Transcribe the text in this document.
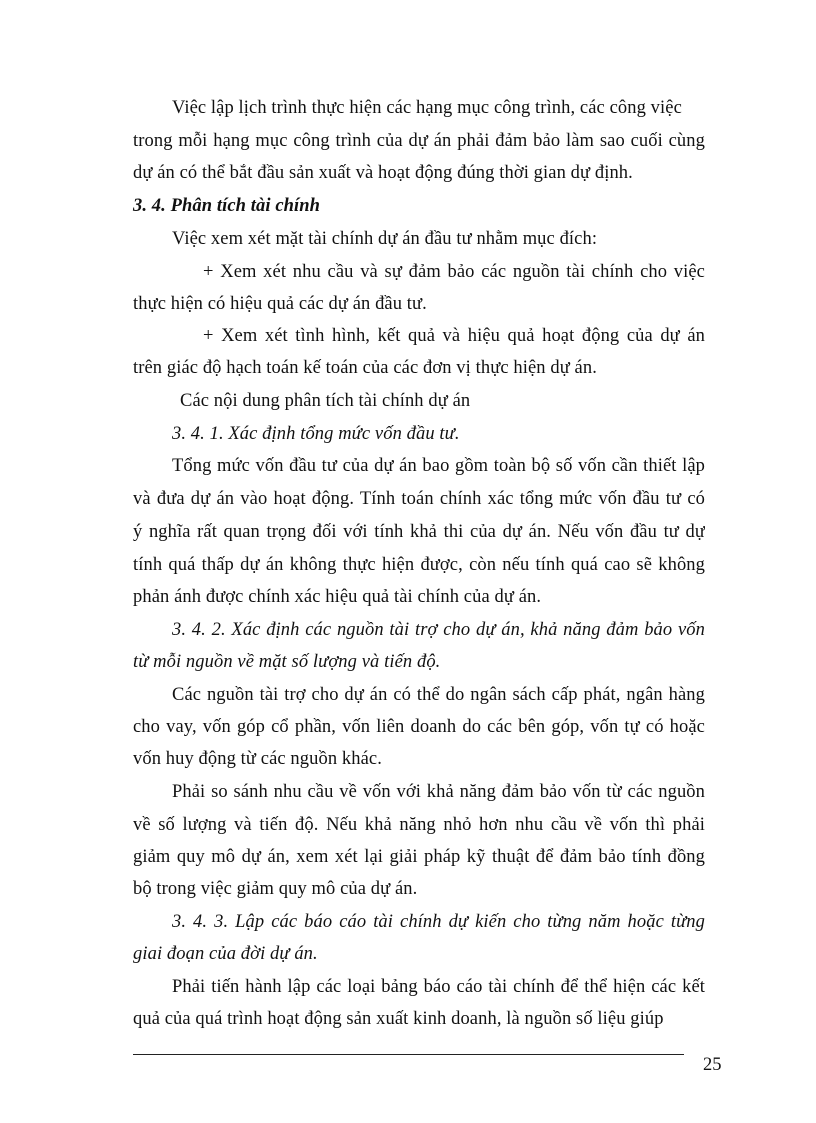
Việc lập lịch trình thực hiện các hạng mục công trình, các công việc
trong mỗi hạng mục công trình của dự án phải đảm bảo làm sao cuối cùng
dự án có thể bắt đầu sản xuất và hoạt động đúng thời gian dự định.
3. 4. Phân tích tài chính
Việc xem xét mặt tài chính dự án đầu tư nhằm mục đích:
+ Xem xét nhu cầu và sự đảm bảo các nguồn tài chính cho việc
thực hiện có hiệu quả các dự án đầu tư.
+ Xem xét tình hình, kết quả và hiệu quả hoạt động của dự án
trên giác độ hạch toán kế toán của các đơn vị thực hiện dự án.
Các nội dung phân tích tài chính dự án
3. 4. 1. Xác định tổng mức vốn đầu tư.
Tổng mức vốn đầu tư của dự án bao gồm toàn bộ số vốn cần thiết lập
và đưa dự án vào hoạt động. Tính toán chính xác tổng mức vốn đầu tư có
ý nghĩa rất quan trọng đối với tính khả thi của dự án. Nếu vốn đầu tư dự
tính quá thấp dự án không thực hiện được, còn nếu tính quá cao sẽ không
phản ánh được chính xác hiệu quả tài chính của dự án.
3. 4. 2. Xác định các nguồn tài trợ cho dự án, khả năng đảm bảo vốn
từ mỗi nguồn về mặt số lượng và tiến độ.
Các nguồn tài trợ cho dự án có thể do ngân sách cấp phát, ngân hàng
cho vay, vốn góp cổ phần, vốn liên doanh do các bên góp, vốn tự có hoặc
vốn huy động từ các nguồn khác.
Phải so sánh nhu cầu về vốn với khả năng đảm bảo vốn từ các nguồn
về số lượng và tiến độ. Nếu khả năng nhỏ hơn nhu cầu về vốn thì phải
giảm quy mô dự án, xem xét lại giải pháp kỹ thuật để đảm bảo tính đồng
bộ trong việc giảm quy mô của dự án.
3. 4. 3. Lập các báo cáo tài chính dự kiến cho từng năm hoặc từng
giai đoạn của đời dự án.
Phải tiến hành lập các loại bảng báo cáo tài chính để thể hiện các kết
quả của quá trình hoạt động sản xuất kinh doanh, là nguồn số liệu giúp
25
